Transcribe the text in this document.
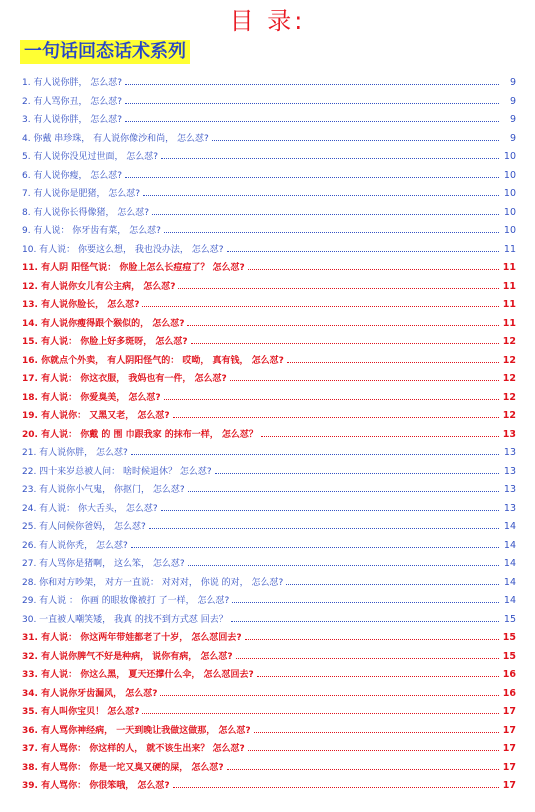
目 录:
一句话回态话术系列
1. 有人说你胖， 怎么怼?	9
2. 有人骂你丑， 怎么怼?	9
3. 有人说你胖， 怎么怼?	9
4. 你戴 串珍珠， 有人说你像沙和尚， 怎么怼?	9
5. 有人说你没见过世面， 怎么怼?	10
6. 有人说你瘦， 怎么怼?	10
7. 有人说你是肥猪， 怎么怼?	10
8. 有人说你长得像猪， 怎么怼?	10
9. 有人说： 你牙齿有菜， 怎么怼?	10
10. 有人说： 你要这么想， 我也没办法， 怎么怼?	11
11. 有人阴 阳怪气说： 你脸上怎么长痘痘了？ 怎么怼?	11
12. 有人说你女儿有公主病， 怎么怼?	11
13. 有人说你脸长， 怎么怼?	11
14. 有人说你瘦得跟个猴似的， 怎么怼?	11
15. 有人说： 你脸上好多斑呀， 怎么怼?	12
16. 你就点个外卖， 有人阴阳怪气的： 哎呦， 真有钱， 怎么怼?	12
17. 有人说： 你这衣服， 我妈也有一件， 怎么怼?	12
18. 有人说： 你爱臭美， 怎么怼?	12
19. 有人说你： 又黑又老， 怎么怼?	12
20. 有人说： 你戴 的 围 巾跟我家 的抹布一样， 怎么怼？	13
21. 有人说你胖， 怎么怼?	13
22. 四十来岁总被人问： 啥时候退休？ 怎么怼?	13
23. 有人说你小气鬼， 你抠门， 怎么怼?	13
24. 有人说： 你大舌头， 怎么怼?	13
25. 有人问候你爸妈， 怎么怼?	14
26. 有人说你秃， 怎么怼?	14
27. 有人骂你是猪啊， 这么笨， 怎么怼?	14
28. 你和对方吵架， 对方一直说： 对对对， 你说 的对， 怎么怼?	14
29. 有人说 ： 你画 的眼妆像被打 了一样， 怎么怼?	14
30. 一直被人嘲笑矮， 我真 的找不到方式怼 回去？	15
31. 有人说： 你这两年带娃都老了十岁， 怎么怼回去?	15
32. 有人说你脾气不好是种病， 说你有病， 怎么怼?	15
33. 有人说： 你这么黑， 夏天还撑什么伞， 怎么怼回去?	16
34. 有人说你牙齿漏风， 怎么怼?	16
35. 有人叫你宝贝！ 怎么怼?	17
36. 有人骂你神经病， 一天到晚让我做这做那， 怎么怼?	17
37. 有人骂你： 你这样的人， 就不该生出来？ 怎么怼?	17
38. 有人骂你： 你是一坨又臭又硬的屎， 怎么怼?	17
39. 有人骂你： 你很笨哦， 怎么怼?	17
